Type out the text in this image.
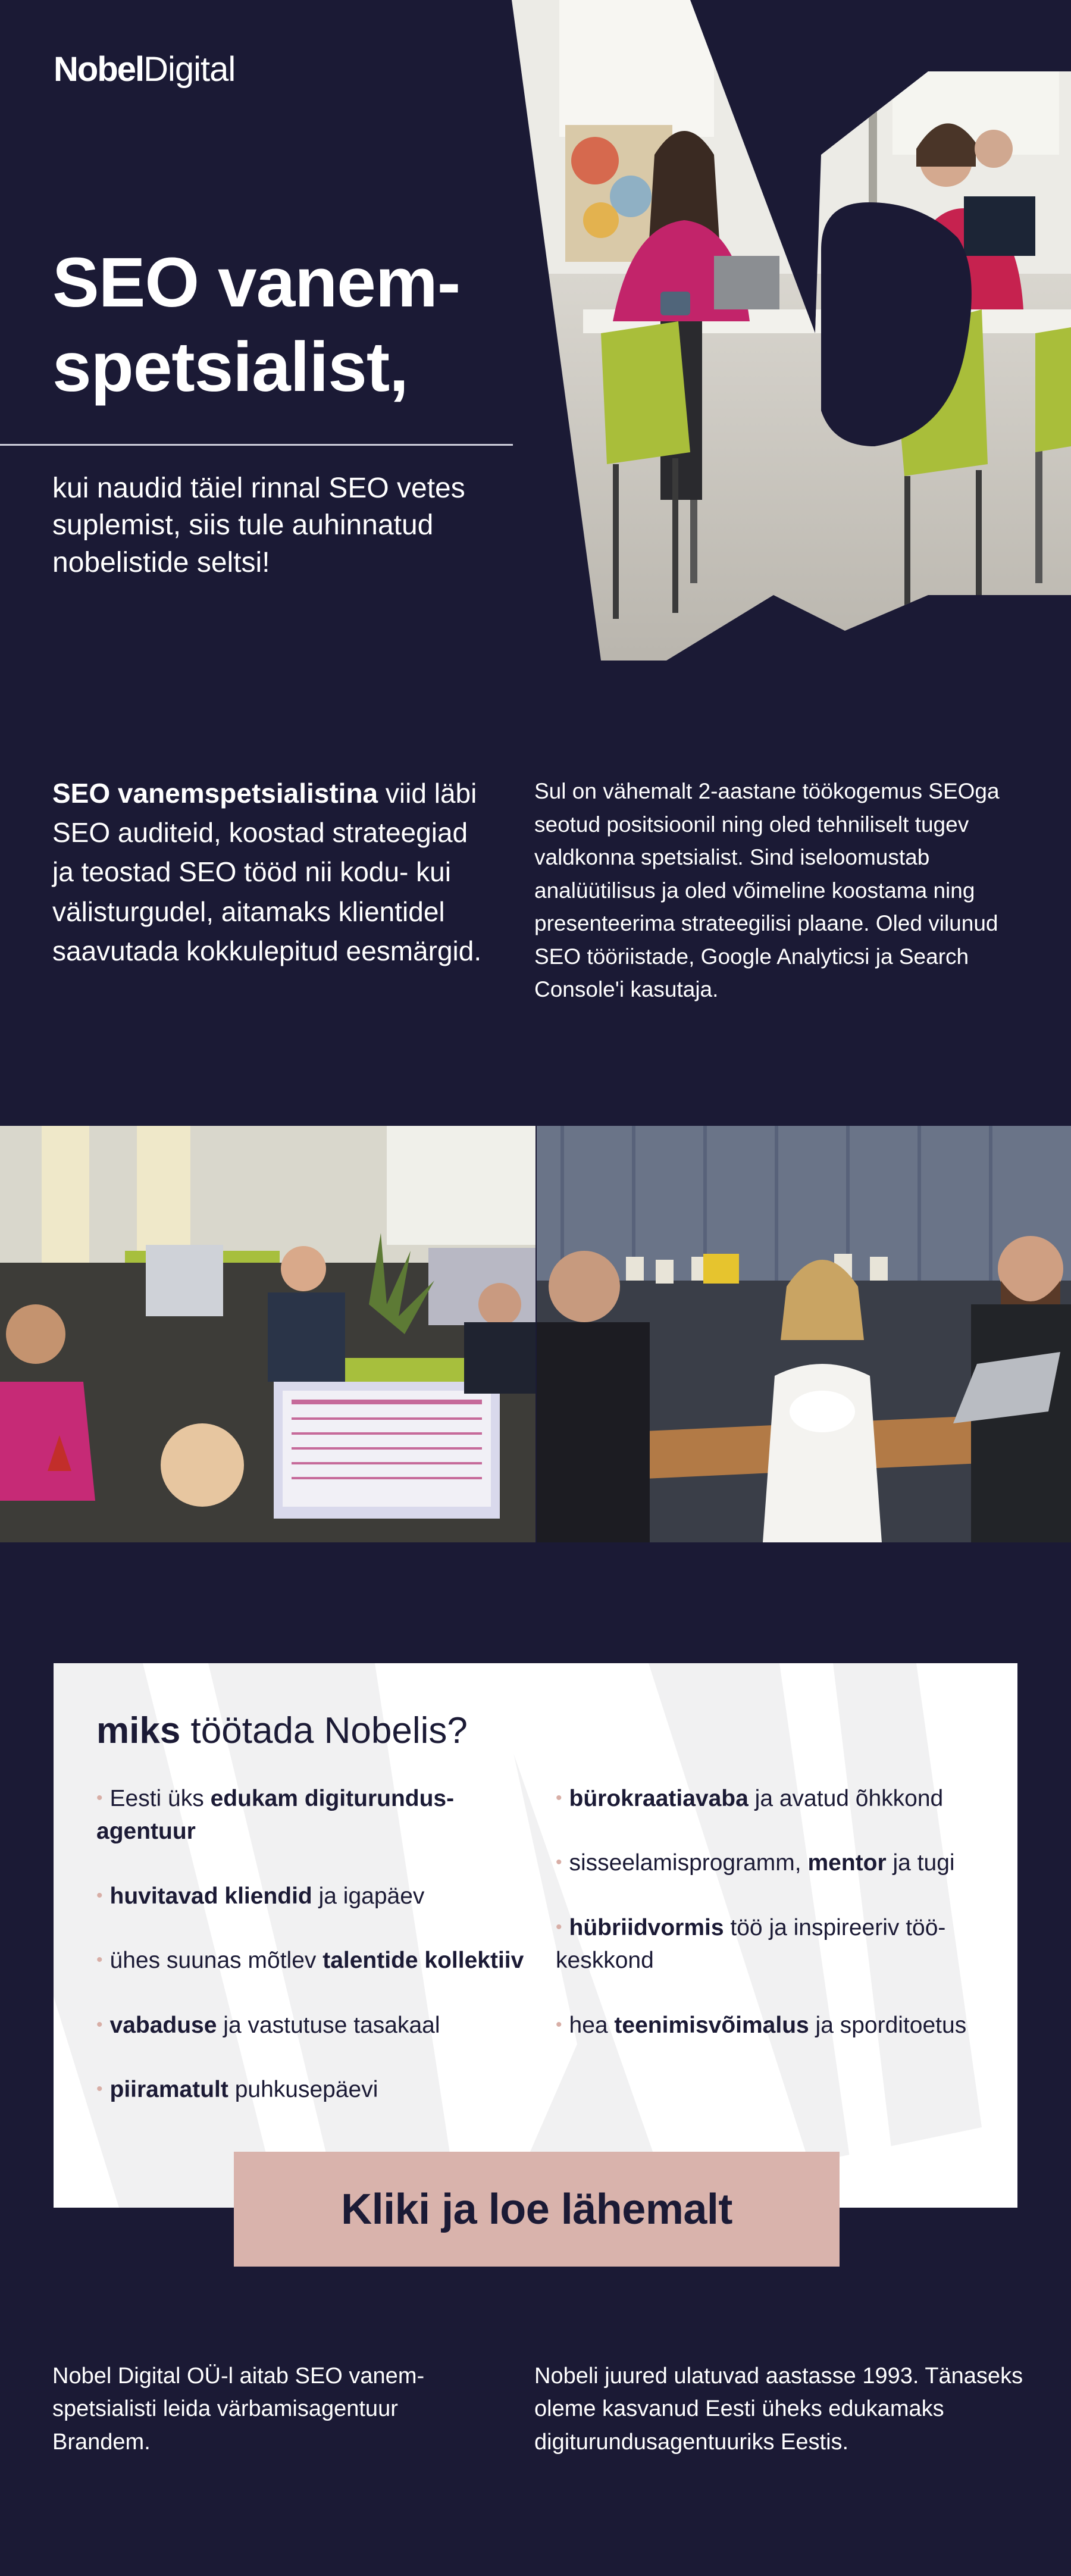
NobelDigital
SEO vanem-spetsialist,

kui naudid täiel rinnal SEO vetes suplemist, siis tule auhinnatud nobelistide seltsi!

SEO vanemspetsialistina viid läbi SEO auditeid, koostad strateegiad ja teostad SEO tööd nii kodu- kui välisturgudel, aitamaks klientidel saavutada kokkulepitud eesmärgid.

Sul on vähemalt 2-aastane töökogemus SEOga seotud positsioonil ning oled tehniliselt tugev valdkonna spetsialist. Sind iseloomustab analüütilisus ja oled võimeline koostama ning presenteerima strateegilisi plaane. Oled vilunud SEO tööriistade, Google Analyticsi ja Search Console'i kasutaja.

miks töötada Nobelis?
• Eesti üks edukam digiturundus-agentuur
• huvitavad kliendid ja igapäev
• ühes suunas mõtlev talentide kollektiiv
• vabaduse ja vastutuse tasakaal
• piiramatult puhkusepäevi
• bürokraatiavaba ja avatud õhkkond
• sisseelamisprogramm, mentor ja tugi
• hübriidvormis töö ja inspireeriv töö-keskkond
• hea teenimisvõimalus ja sporditoetus
Kliki ja loe lähemalt

Nobel Digital OÜ-l aitab SEO vanem-spetsialisti leida värbamisagentuur Brandem.

Nobeli juured ulatuvad aastasse 1993. Tänaseks oleme kasvanud Eesti üheks edukamaks digiturundusagentuuriks Eestis.
